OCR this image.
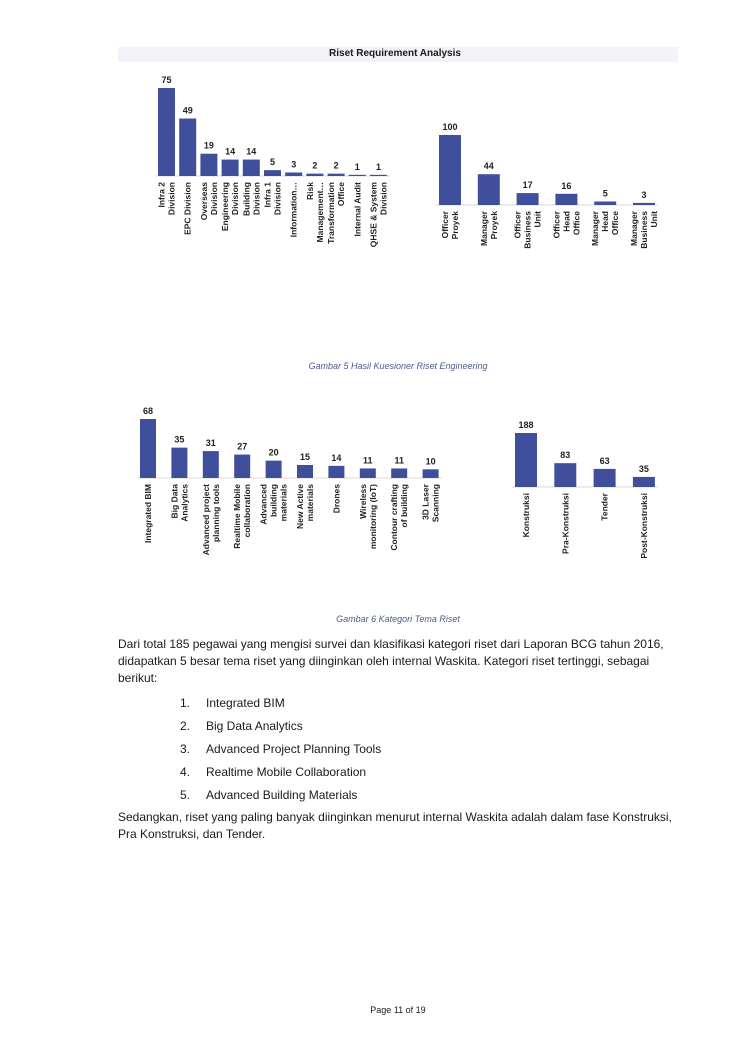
Riset Requirement Analysis
75
Infra 2Division
49
EPC Division
19
OverseasDivision
14
EngineeringDivision
14
BuildingDivision
5
Infra 1Division
3
Information…
2
RiskManagement…
2
TransformationOffice
1
Internal Audit
1
QHSE & SystemDivision
100
OfficerProyek
44
ManagerProyek
17
OfficerBusinessUnit
16
OfficerHeadOffice
5
ManagerHeadOffice
3
ManagerBusinessUnit
Gambar 5 Hasil Kuesioner Riset Engineering
68
Integrated BIM
35
Big DataAnalytics
31
Advanced projectplanning tools
27
Realtime Mobilecollaboration
20
Advancedbuildingmaterials
15
New Activematerials
14
Drones
11
Wirelessmonitoring (IoT)
11
Contour craftingof building
10
3D LaserScanning
188
Konstruksi
83
Pra-Konstruksi
63
Tender
35
Post-Konstruksi
Gambar 6 Kategori Tema Riset

Dari total 185 pegawai yang mengisi survei dan klasifikasi kategori riset dari Laporan BCG tahun 2016, didapatkan 5 besar tema riset yang diinginkan oleh internal Waskita. Kategori riset tertinggi, sebagai berikut:

1. Integrated BIM
2. Big Data Analytics
3. Advanced Project Planning Tools
4. Realtime Mobile Collaboration
5. Advanced Building Materials

Sedangkan, riset yang paling banyak diinginkan menurut internal Waskita adalah dalam fase Konstruksi, Pra Konstruksi, dan Tender.

Page 11 of 19
